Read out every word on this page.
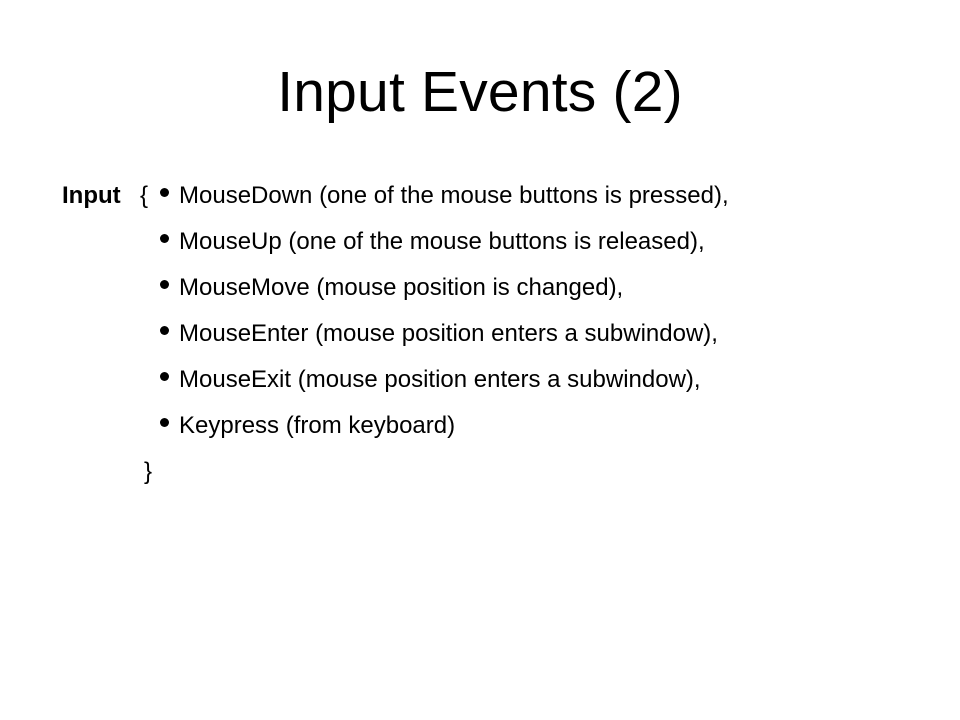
Input Events (2)
Input {	MouseDown (one of the mouse buttons is pressed),
MouseUp (one of the mouse buttons is released),
MouseMove (mouse position is changed),
MouseEnter (mouse position enters a subwindow),
MouseExit (mouse position enters a subwindow),
Keypress (from keyboard)
}
